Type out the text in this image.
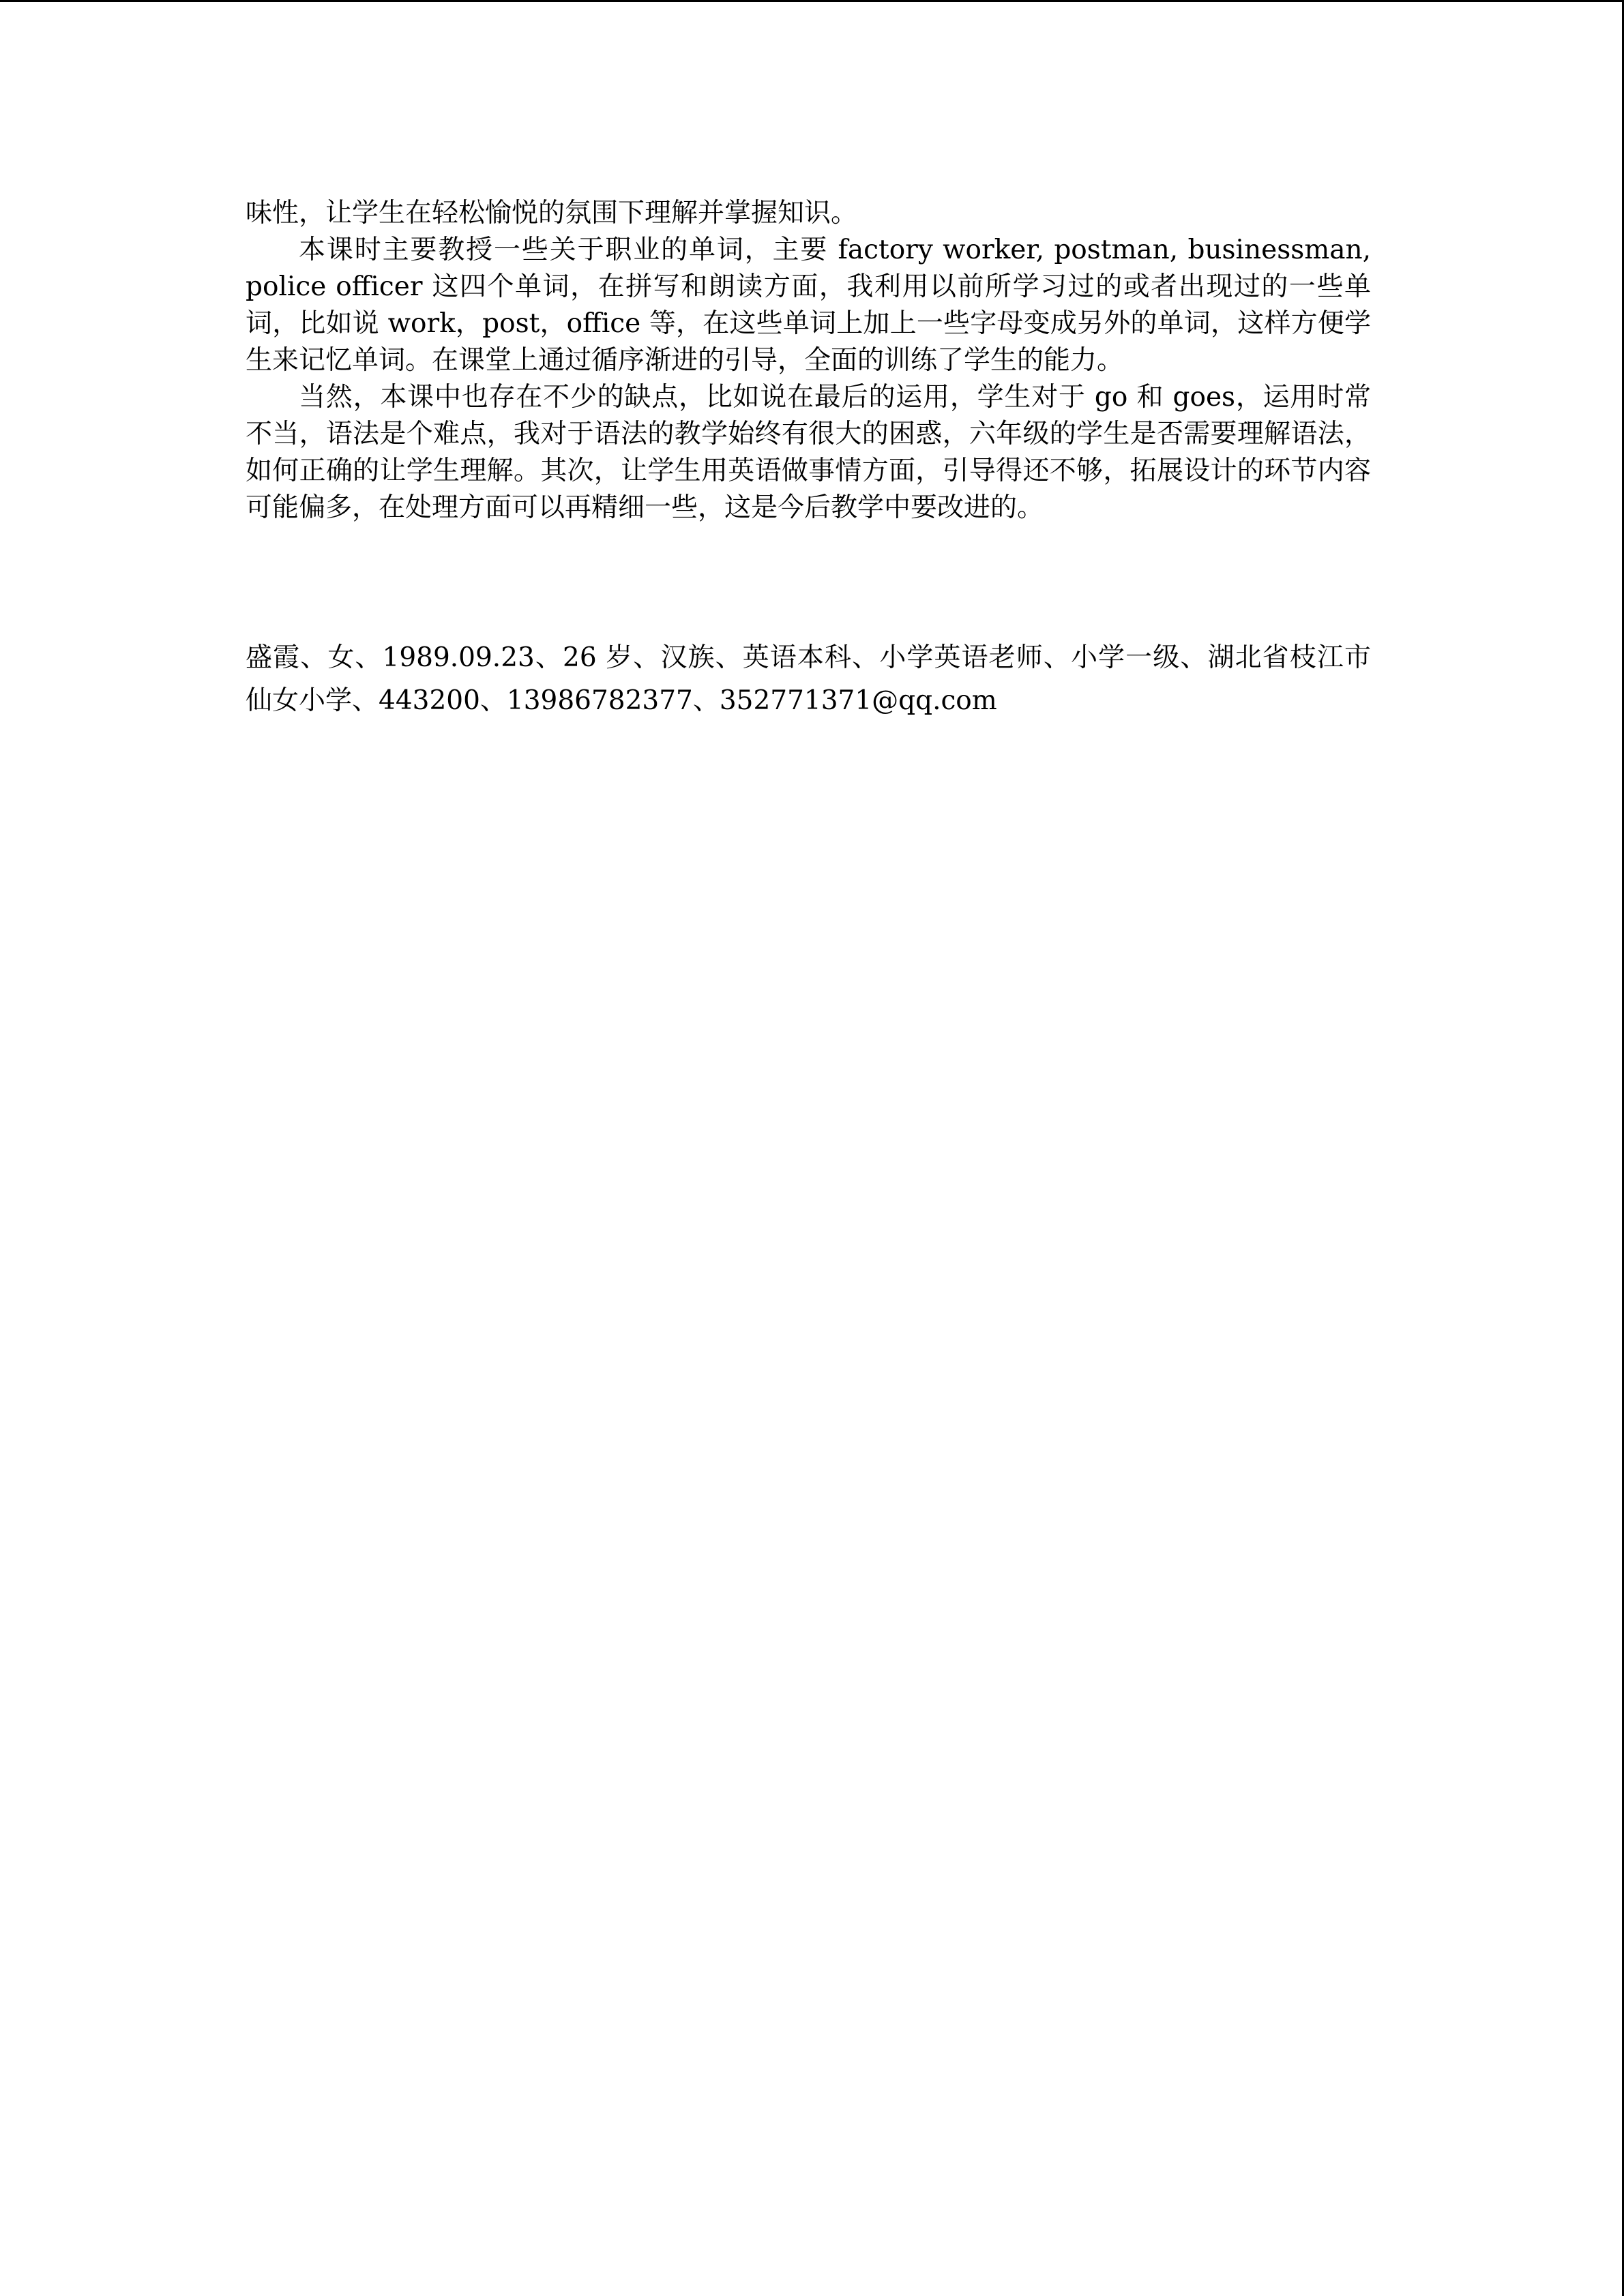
味性，让学生在轻松愉悦的氛围下理解并掌握知识。

本课时主要教授一些关于职业的单词，主要 factory worker, postman, businessman, police officer 这四个单词，在拼写和朗读方面，我利用以前所学习过的或者出现过的一些单词，比如说 work，post，office 等，在这些单词上加上一些字母变成另外的单词，这样方便学生来记忆单词。在课堂上通过循序渐进的引导，全面的训练了学生的能力。

当然，本课中也存在不少的缺点，比如说在最后的运用，学生对于 go 和 goes，运用时常不当，语法是个难点，我对于语法的教学始终有很大的困惑，六年级的学生是否需要理解语法，如何正确的让学生理解。其次，让学生用英语做事情方面，引导得还不够，拓展设计的环节内容可能偏多，在处理方面可以再精细一些，这是今后教学中要改进的。

盛霞、女、1989.09.23、26 岁、汉族、英语本科、小学英语老师、小学一级、湖北省枝江市仙女小学、443200、13986782377、352771371@qq.com
